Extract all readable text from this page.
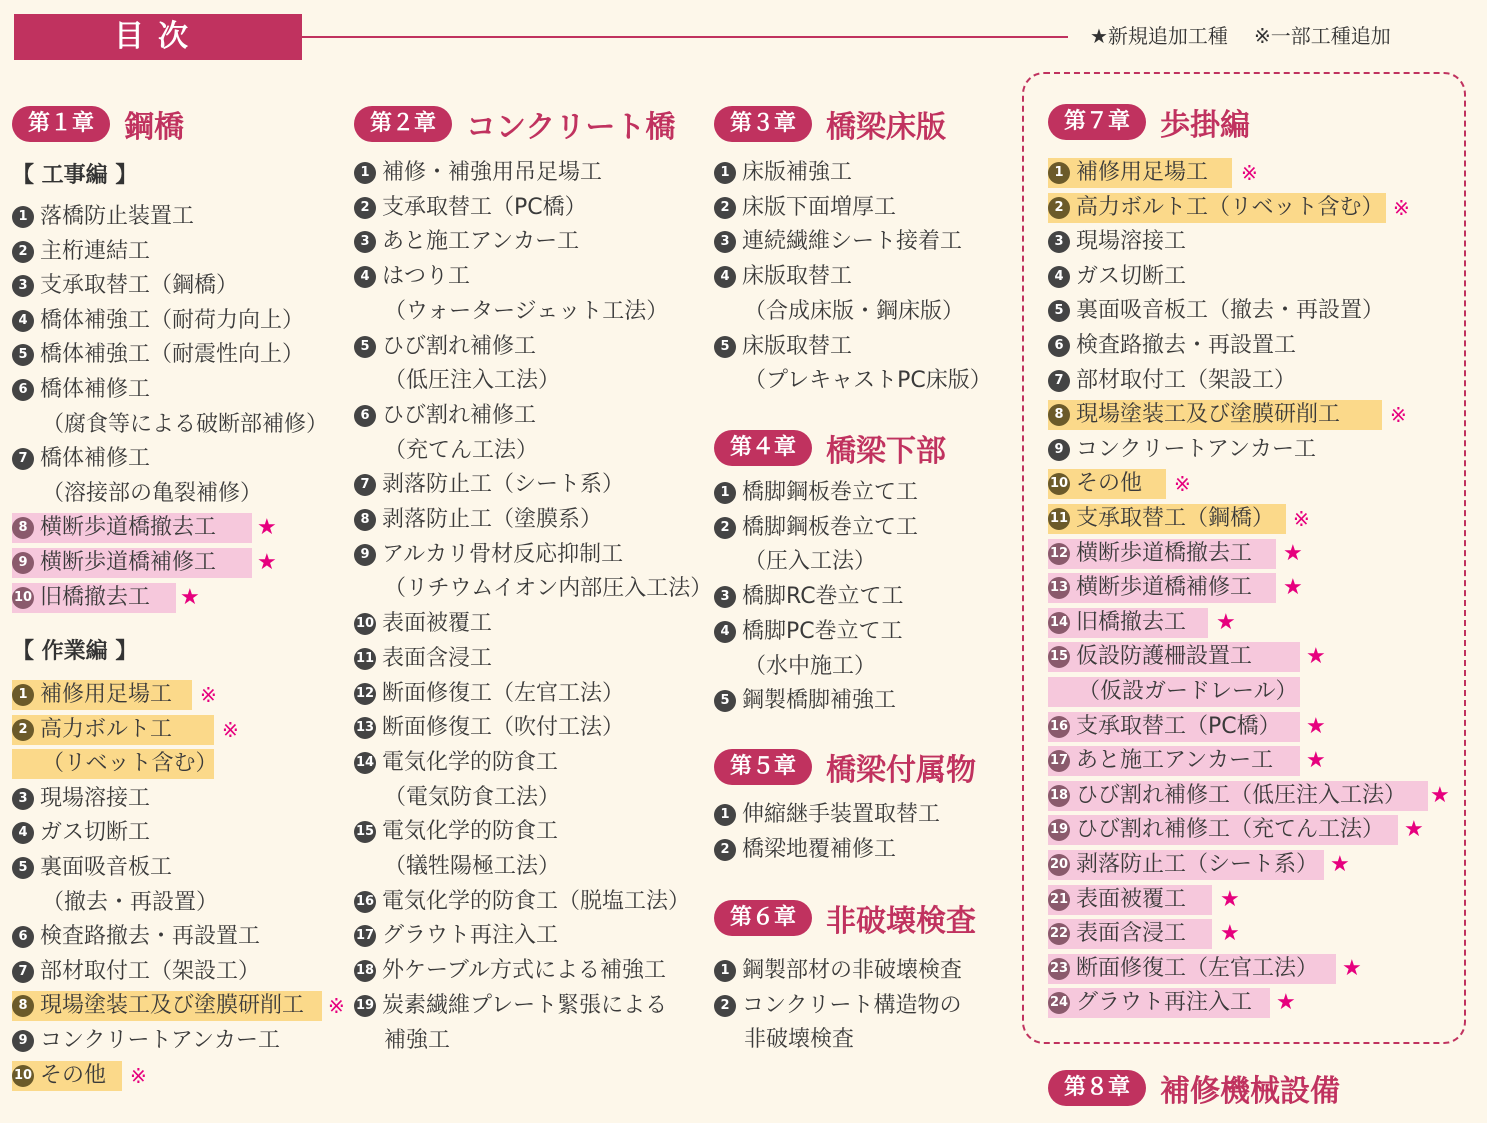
目次	★新規追加工種 ※一部工種追加
第１章	鋼橋
【 工事編 】
1 落橋防止装置工
2 主桁連結工
3 支承取替工（鋼橋）
4 橋体補強工（耐荷力向上）
5 橋体補強工（耐震性向上）
6 橋体補修工
（腐食等による破断部補修）
7 橋体補修工
（溶接部の亀裂補修）
8 横断歩道橋撤去工 ★
9 横断歩道橋補修工 ★
10 旧橋撤去工 ★
【 作業編 】
1 補修用足場工 ※
2 高力ボルト工 ※
（リベット含む）
3 現場溶接工
4 ガス切断工
5 裏面吸音板工
（撤去・再設置）
6 検査路撤去・再設置工
7 部材取付工（架設工）
8 現場塗装工及び塗膜研削工 ※
9 コンクリートアンカー工
10 その他 ※
第２章	コンクリート橋
1 補修・補強用吊足場工
2 支承取替工（PC橋）
3 あと施工アンカー工
4 はつり工
（ウォータージェット工法）
5 ひび割れ補修工
（低圧注入工法）
6 ひび割れ補修工
（充てん工法）
7 剥落防止工（シート系）
8 剥落防止工（塗膜系）
9 アルカリ骨材反応抑制工
（リチウムイオン内部圧入工法）
10 表面被覆工
11 表面含浸工
12 断面修復工（左官工法）
13 断面修復工（吹付工法）
14 電気化学的防食工
（電気防食工法）
15 電気化学的防食工
（犠牲陽極工法）
16 電気化学的防食工（脱塩工法）
17 グラウト再注入工
18 外ケーブル方式による補強工
19 炭素繊維プレート緊張による
補強工
第３章	橋梁床版
1 床版補強工
2 床版下面増厚工
3 連続繊維シート接着工
4 床版取替工
（合成床版・鋼床版）
5 床版取替工
（プレキャストPC床版）
第４章	橋梁下部
1 橋脚鋼板巻立て工
2 橋脚鋼板巻立て工
（圧入工法）
3 橋脚RC巻立て工
4 橋脚PC巻立て工
（水中施工）
5 鋼製橋脚補強工
第５章	橋梁付属物
1 伸縮継手装置取替工
2 橋梁地覆補修工
第６章	非破壊検査
1 鋼製部材の非破壊検査
2 コンクリート構造物の
非破壊検査
第７章	歩掛編
1 補修用足場工 ※
2 高力ボルト工（リベット含む） ※
3 現場溶接工
4 ガス切断工
5 裏面吸音板工（撤去・再設置）
6 検査路撤去・再設置工
7 部材取付工（架設工）
8 現場塗装工及び塗膜研削工 ※
9 コンクリートアンカー工
10 その他 ※
11 支承取替工（鋼橋） ※
12 横断歩道橋撤去工 ★
13 横断歩道橋補修工 ★
14 旧橋撤去工 ★
15 仮設防護柵設置工 ★
（仮設ガードレール）
16 支承取替工（PC橋） ★
17 あと施工アンカー工 ★
18 ひび割れ補修工（低圧注入工法） ★
19 ひび割れ補修工（充てん工法） ★
20 剥落防止工（シート系） ★
21 表面被覆工 ★
22 表面含浸工 ★
23 断面修復工（左官工法） ★
24 グラウト再注入工 ★
第８章	補修機械設備
